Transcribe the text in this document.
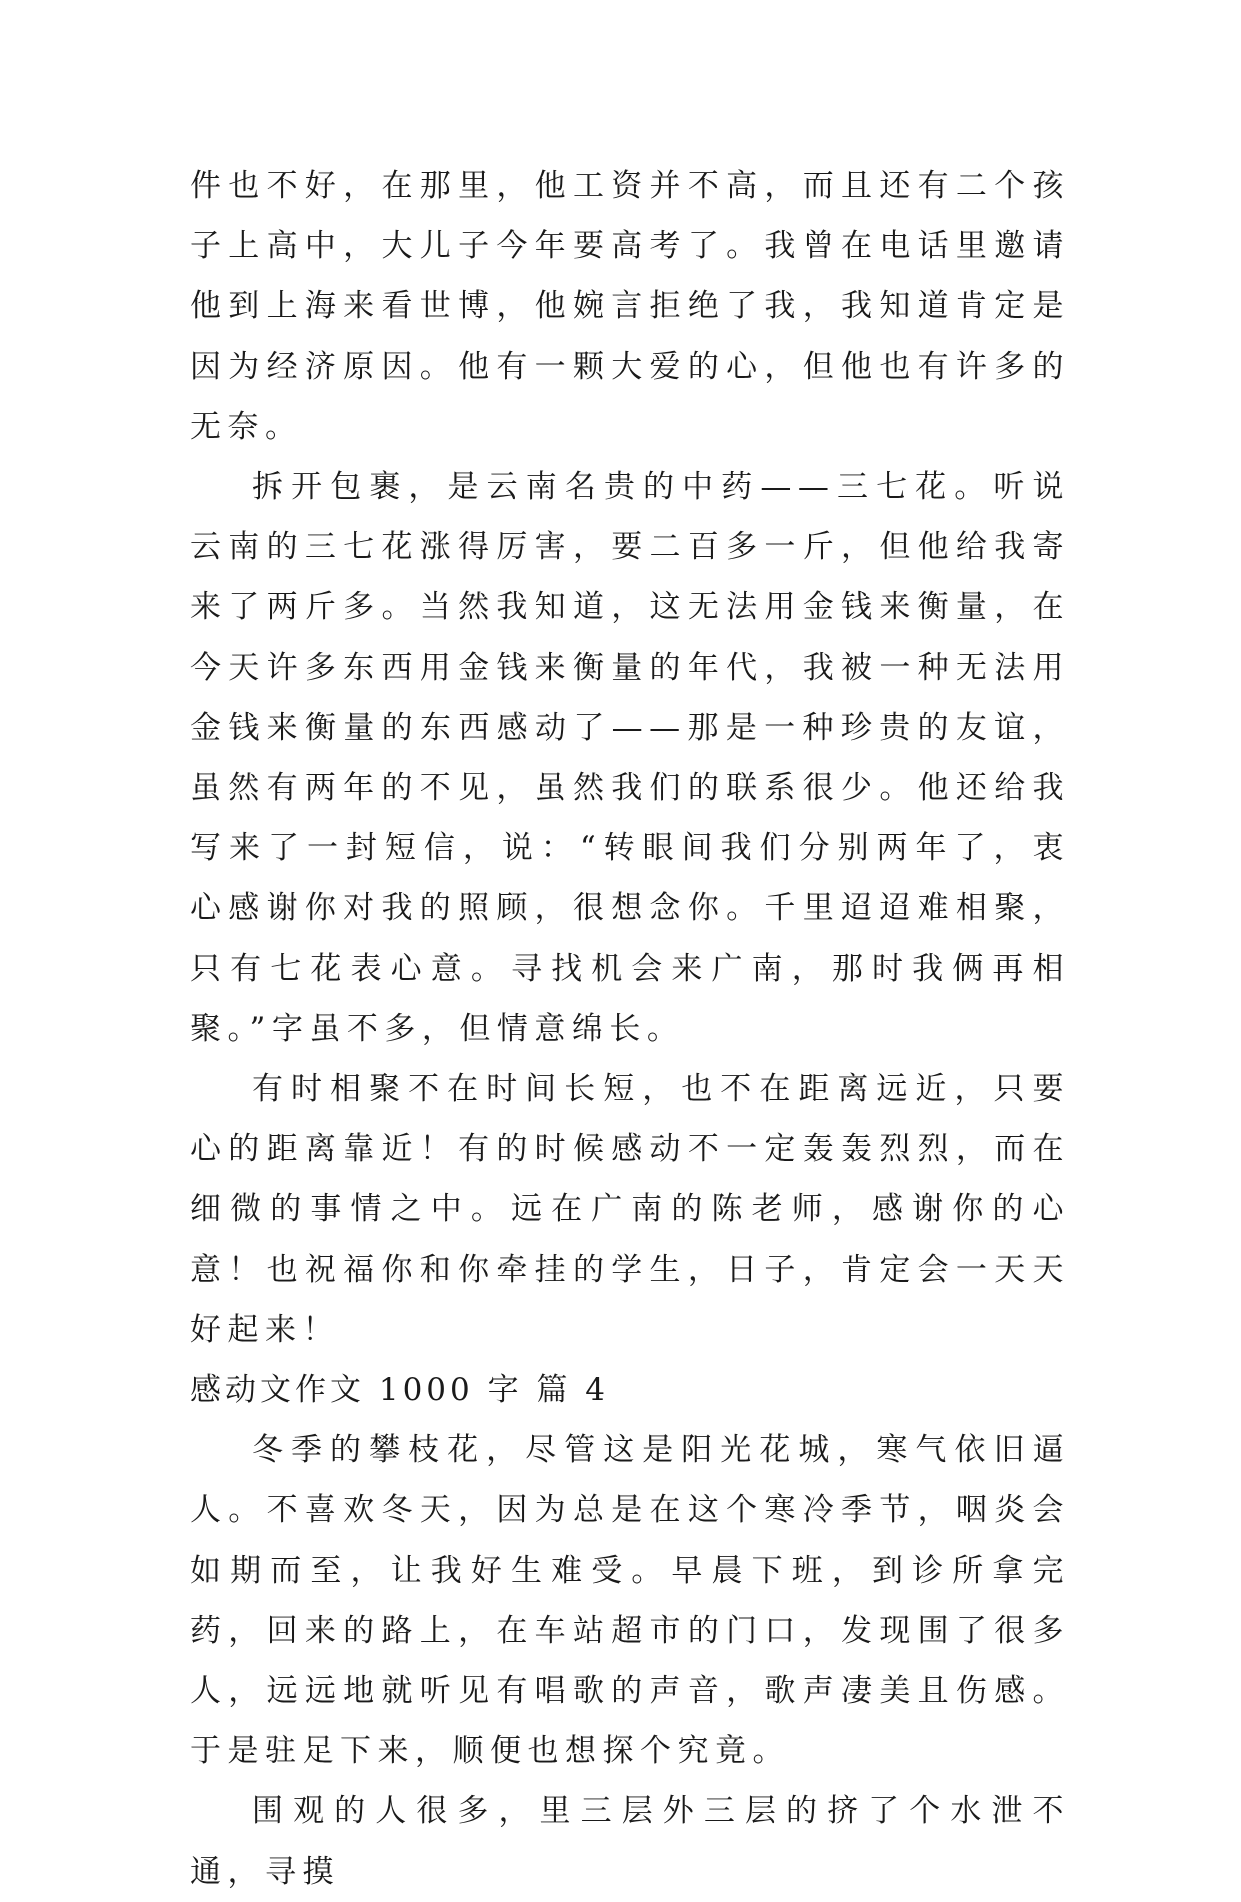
件也不好，在那里，他工资并不高，而且还有二个孩子上高中，大儿子今年要高考了。我曾在电话里邀请他到上海来看世博，他婉言拒绝了我，我知道肯定是因为经济原因。他有一颗大爱的心，但他也有许多的无奈。

拆开包裹，是云南名贵的中药——三七花。听说云南的三七花涨得厉害，要二百多一斤，但他给我寄来了两斤多。当然我知道，这无法用金钱来衡量，在今天许多东西用金钱来衡量的年代，我被一种无法用金钱来衡量的东西感动了——那是一种珍贵的友谊，虽然有两年的不见，虽然我们的联系很少。他还给我写来了一封短信，说：“转眼间我们分别两年了，衷心感谢你对我的照顾，很想念你。千里迢迢难相聚，只有七花表心意。寻找机会来广南，那时我俩再相聚。”字虽不多，但情意绵长。

有时相聚不在时间长短，也不在距离远近，只要心的距离靠近！有的时候感动不一定轰轰烈烈，而在细微的事情之中。远在广南的陈老师，感谢你的心意！也祝福你和你牵挂的学生，日子，肯定会一天天好起来！

感动文作文 1000 字 篇 4

冬季的攀枝花，尽管这是阳光花城，寒气依旧逼人。不喜欢冬天，因为总是在这个寒冷季节，咽炎会如期而至，让我好生难受。早晨下班，到诊所拿完药，回来的路上，在车站超市的门口，发现围了很多人，远远地就听见有唱歌的声音，歌声凄美且伤感。于是驻足下来，顺便也想探个究竟。

围观的人很多，里三层外三层的挤了个水泄不通，寻摸
